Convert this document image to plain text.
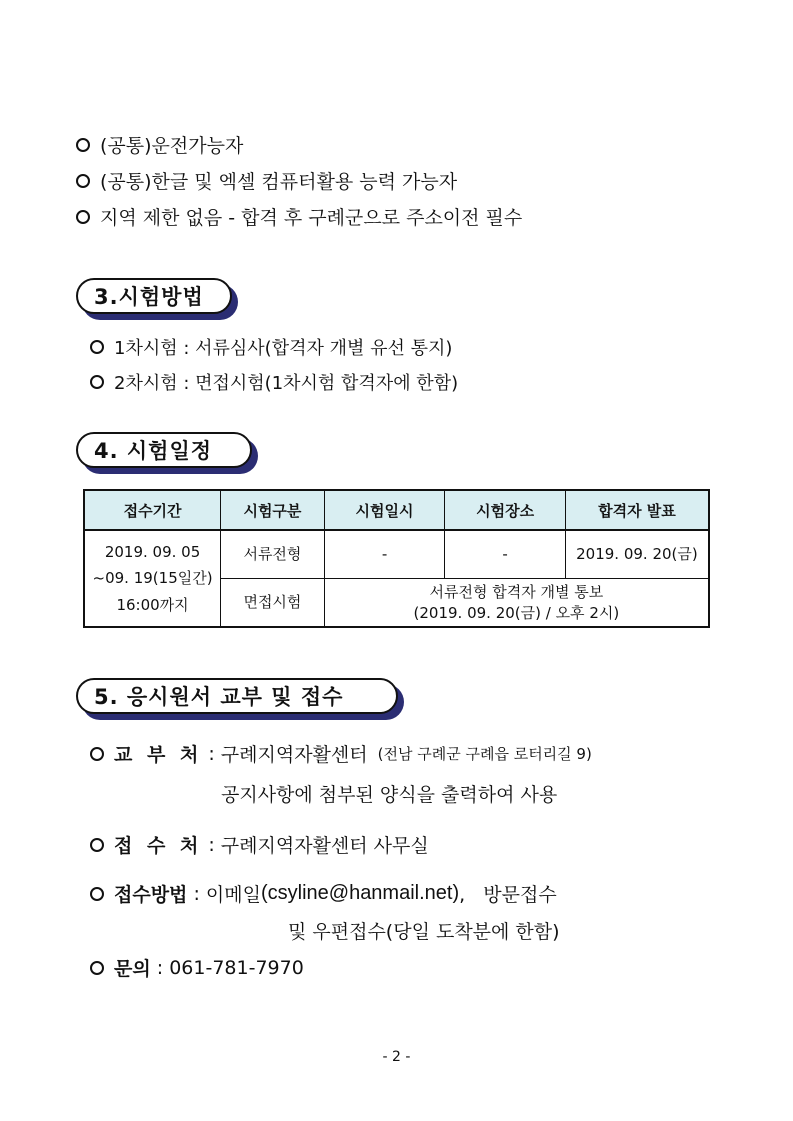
(공통)운전가능자
(공통)한글 및 엑셀 컴퓨터활용 능력 가능자
지역 제한 없음 - 합격 후 구례군으로 주소이전 필수
3.시험방법
1차시험 : 서류심사(합격자 개별 유선 통지)
2차시험 : 면접시험(1차시험 합격자에 한함)
4. 시험일정
접수기간	시험구분	시험일시	시험장소	합격자 발표

2019. 09. 05
~09. 19(15일간)
16:00까지	서류전형	-	-	2019. 09. 20(금)
	면접시험	서류전형 합격자 개별 통보
(2019. 09. 20(금) / 오후 2시)		
5. 응시원서 교부 및 접수
교 부 처 : 구례지역자활센터 (전남 구례군 구례읍 로터리길 9)
공지사항에 첨부된 양식을 출력하여 사용
접 수 처 : 구례지역자활센터 사무실
접수방법 : 이메일 (csyline@hanmail.net) ,   방문접수
및 우편접수(당일 도착분에 한함)
문의 : 061-781-7970
- 2 -
